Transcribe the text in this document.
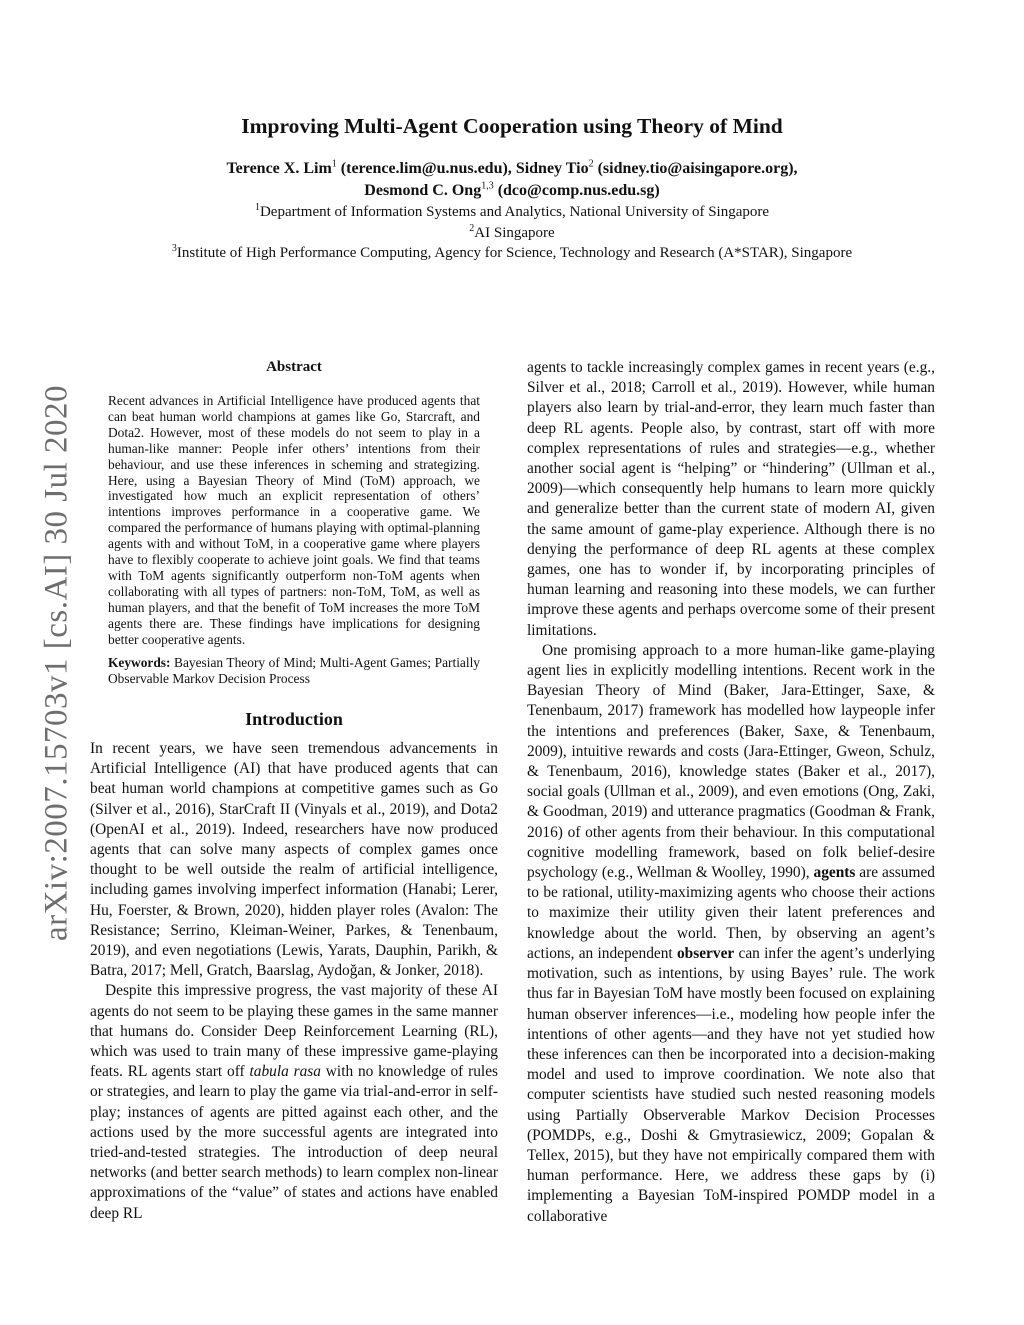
arXiv:2007.15703v1 [cs.AI] 30 Jul 2020
Improving Multi-Agent Cooperation using Theory of Mind
Terence X. Lim$^1$ (terence.lim@u.nus.edu), Sidney Tio$^2$ (sidney.tio@aisingapore.org),
Desmond C. Ong$^{1,3}$ (dco@comp.nus.edu.sg)
$^1$Department of Information Systems and Analytics, National University of Singapore
$^2$AI Singapore
$^3$Institute of High Performance Computing, Agency for Science, Technology and Research (A*STAR), Singapore
Abstract

Recent advances in Artificial Intelligence have produced agents that can beat human world champions at games like Go, Starcraft, and Dota2. However, most of these models do not seem to play in a human-like manner: People infer others’ intentions from their behaviour, and use these inferences in scheming and strategizing. Here, using a Bayesian Theory of Mind (ToM) approach, we investigated how much an explicit representation of others’ intentions improves performance in a cooperative game. We compared the performance of humans playing with optimal-planning agents with and without ToM, in a cooperative game where players have to flexibly cooperate to achieve joint goals. We find that teams with ToM agents significantly outperform non-ToM agents when collaborating with all types of partners: non-ToM, ToM, as well as human players, and that the benefit of ToM increases the more ToM agents there are. These findings have implications for designing better cooperative agents.

Keywords: Bayesian Theory of Mind; Multi-Agent Games; Partially Observable Markov Decision Process

Introduction

In recent years, we have seen tremendous advancements in Artificial Intelligence (AI) that have produced agents that can beat human world champions at competitive games such as Go (Silver et al., 2016), StarCraft II (Vinyals et al., 2019), and Dota2 (OpenAI et al., 2019). Indeed, researchers have now produced agents that can solve many aspects of complex games once thought to be well outside the realm of artificial intelligence, including games involving imperfect information (Hanabi; Lerer, Hu, Foerster, & Brown, 2020), hidden player roles (Avalon: The Resistance; Serrino, Kleiman-Weiner, Parkes, & Tenenbaum, 2019), and even negotiations (Lewis, Yarats, Dauphin, Parikh, & Batra, 2017; Mell, Gratch, Baarslag, Aydoğan, & Jonker, 2018).

Despite this impressive progress, the vast majority of these AI agents do not seem to be playing these games in the same manner that humans do. Consider Deep Reinforcement Learning (RL), which was used to train many of these impressive game-playing feats. RL agents start off tabula rasa with no knowledge of rules or strategies, and learn to play the game via trial-and-error in self-play; instances of agents are pitted against each other, and the actions used by the more successful agents are integrated into tried-and-tested strategies. The introduction of deep neural networks (and better search methods) to learn complex non-linear approximations of the “value” of states and actions have enabled deep RL

agents to tackle increasingly complex games in recent years (e.g., Silver et al., 2018; Carroll et al., 2019). However, while human players also learn by trial-and-error, they learn much faster than deep RL agents. People also, by contrast, start off with more complex representations of rules and strategies—e.g., whether another social agent is “helping” or “hindering” (Ullman et al., 2009)—which consequently help humans to learn more quickly and generalize better than the current state of modern AI, given the same amount of game-play experience. Although there is no denying the performance of deep RL agents at these complex games, one has to wonder if, by incorporating principles of human learning and reasoning into these models, we can further improve these agents and perhaps overcome some of their present limitations.

One promising approach to a more human-like game-playing agent lies in explicitly modelling intentions. Recent work in the Bayesian Theory of Mind (Baker, Jara-Ettinger, Saxe, & Tenenbaum, 2017) framework has modelled how laypeople infer the intentions and preferences (Baker, Saxe, & Tenenbaum, 2009), intuitive rewards and costs (Jara-Ettinger, Gweon, Schulz, & Tenenbaum, 2016), knowledge states (Baker et al., 2017), social goals (Ullman et al., 2009), and even emotions (Ong, Zaki, & Goodman, 2019) and utterance pragmatics (Goodman & Frank, 2016) of other agents from their behaviour. In this computational cognitive modelling framework, based on folk belief-desire psychology (e.g., Wellman & Woolley, 1990), agents are assumed to be rational, utility-maximizing agents who choose their actions to maximize their utility given their latent preferences and knowledge about the world. Then, by observing an agent’s actions, an independent observer can infer the agent’s underlying motivation, such as intentions, by using Bayes’ rule. The work thus far in Bayesian ToM have mostly been focused on explaining human observer inferences—i.e., modeling how people infer the intentions of other agents—and they have not yet studied how these inferences can then be incorporated into a decision-making model and used to improve coordination. We note also that computer scientists have studied such nested reasoning models using Partially Observerable Markov Decision Processes (POMDPs, e.g., Doshi & Gmytrasiewicz, 2009; Gopalan & Tellex, 2015), but they have not empirically compared them with human performance. Here, we address these gaps by (i) implementing a Bayesian ToM-inspired POMDP model in a collaborative
